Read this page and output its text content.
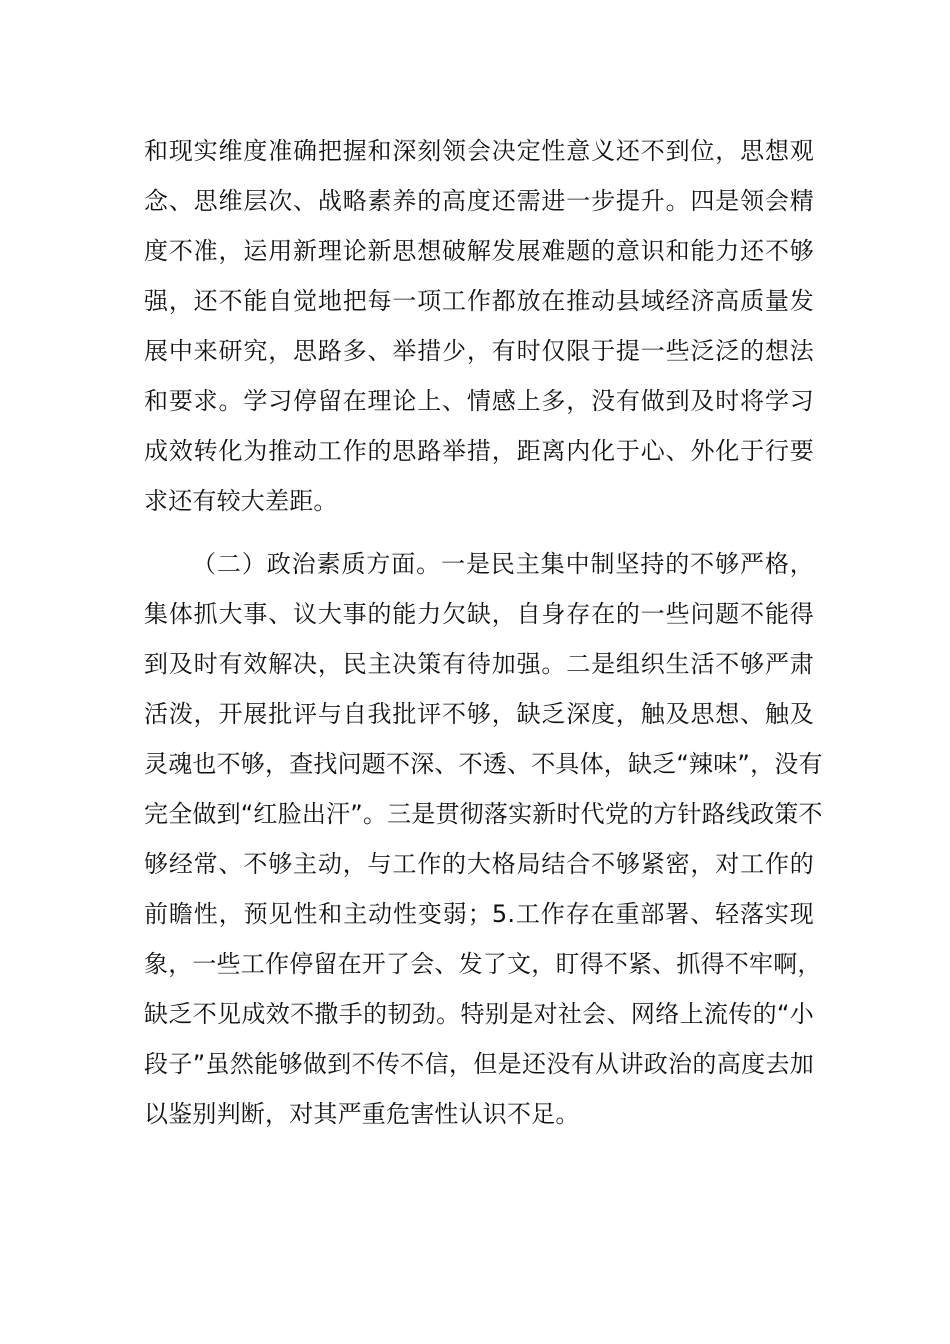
和现实维度准确把握和深刻领会决定性意义还不到位，思想观
念、思维层次、战略素养的高度还需进一步提升。四是领会精
度不准，运用新理论新思想破解发展难题的意识和能力还不够
强，还不能自觉地把每一项工作都放在推动县域经济高质量发
展中来研究，思路多、举措少，有时仅限于提一些泛泛的想法
和要求。学习停留在理论上、情感上多，没有做到及时将学习
成效转化为推动工作的思路举措，距离内化于心、外化于行要
求还有较大差距。
（二）政治素质方面。一是民主集中制坚持的不够严格，
集体抓大事、议大事的能力欠缺，自身存在的一些问题不能得
到及时有效解决，民主决策有待加强。二是组织生活不够严肃
活泼，开展批评与自我批评不够，缺乏深度，触及思想、触及
灵魂也不够，查找问题不深、不透、不具体，缺乏“辣味”，没有
完全做到“红脸出汗”。三是贯彻落实新时代党的方针路线政策不
够经常、不够主动，与工作的大格局结合不够紧密，对工作的
前瞻性，预见性和主动性变弱；5.工作存在重部署、轻落实现
象，一些工作停留在开了会、发了文，盯得不紧、抓得不牢啊，
缺乏不见成效不撒手的韧劲。特别是对社会、网络上流传的“小
段子”虽然能够做到不传不信，但是还没有从讲政治的高度去加
以鉴别判断，对其严重危害性认识不足。
